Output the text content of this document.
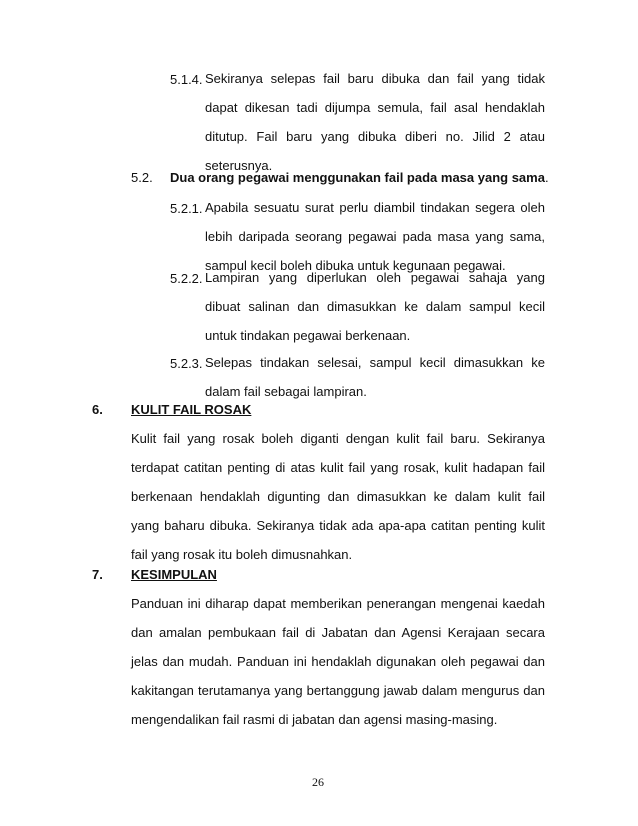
5.1.4. Sekiranya selepas fail baru dibuka dan fail yang tidak dapat dikesan tadi dijumpa semula, fail asal hendaklah ditutup. Fail baru yang dibuka diberi no. Jilid 2 atau seterusnya.
5.2. Dua orang pegawai menggunakan fail pada masa yang sama.
5.2.1. Apabila sesuatu surat perlu diambil tindakan segera oleh lebih daripada seorang pegawai pada masa yang sama, sampul kecil boleh dibuka untuk kegunaan pegawai.
5.2.2. Lampiran yang diperlukan oleh pegawai sahaja yang dibuat salinan dan dimasukkan ke dalam sampul kecil untuk tindakan pegawai berkenaan.
5.2.3. Selepas tindakan selesai, sampul kecil dimasukkan ke dalam fail sebagai lampiran.
6. KULIT FAIL ROSAK
Kulit fail yang rosak boleh diganti dengan kulit fail baru. Sekiranya terdapat catitan penting di atas kulit fail yang rosak, kulit hadapan fail berkenaan hendaklah digunting dan dimasukkan ke dalam kulit fail yang baharu dibuka. Sekiranya tidak ada apa-apa catitan penting kulit fail yang rosak itu boleh dimusnahkan.
7. KESIMPULAN
Panduan ini diharap dapat memberikan penerangan mengenai kaedah dan amalan pembukaan fail di Jabatan dan Agensi Kerajaan secara jelas dan mudah. Panduan ini hendaklah digunakan oleh pegawai dan kakitangan terutamanya yang bertanggung jawab dalam mengurus dan mengendalikan fail rasmi di jabatan dan agensi masing-masing.
26
